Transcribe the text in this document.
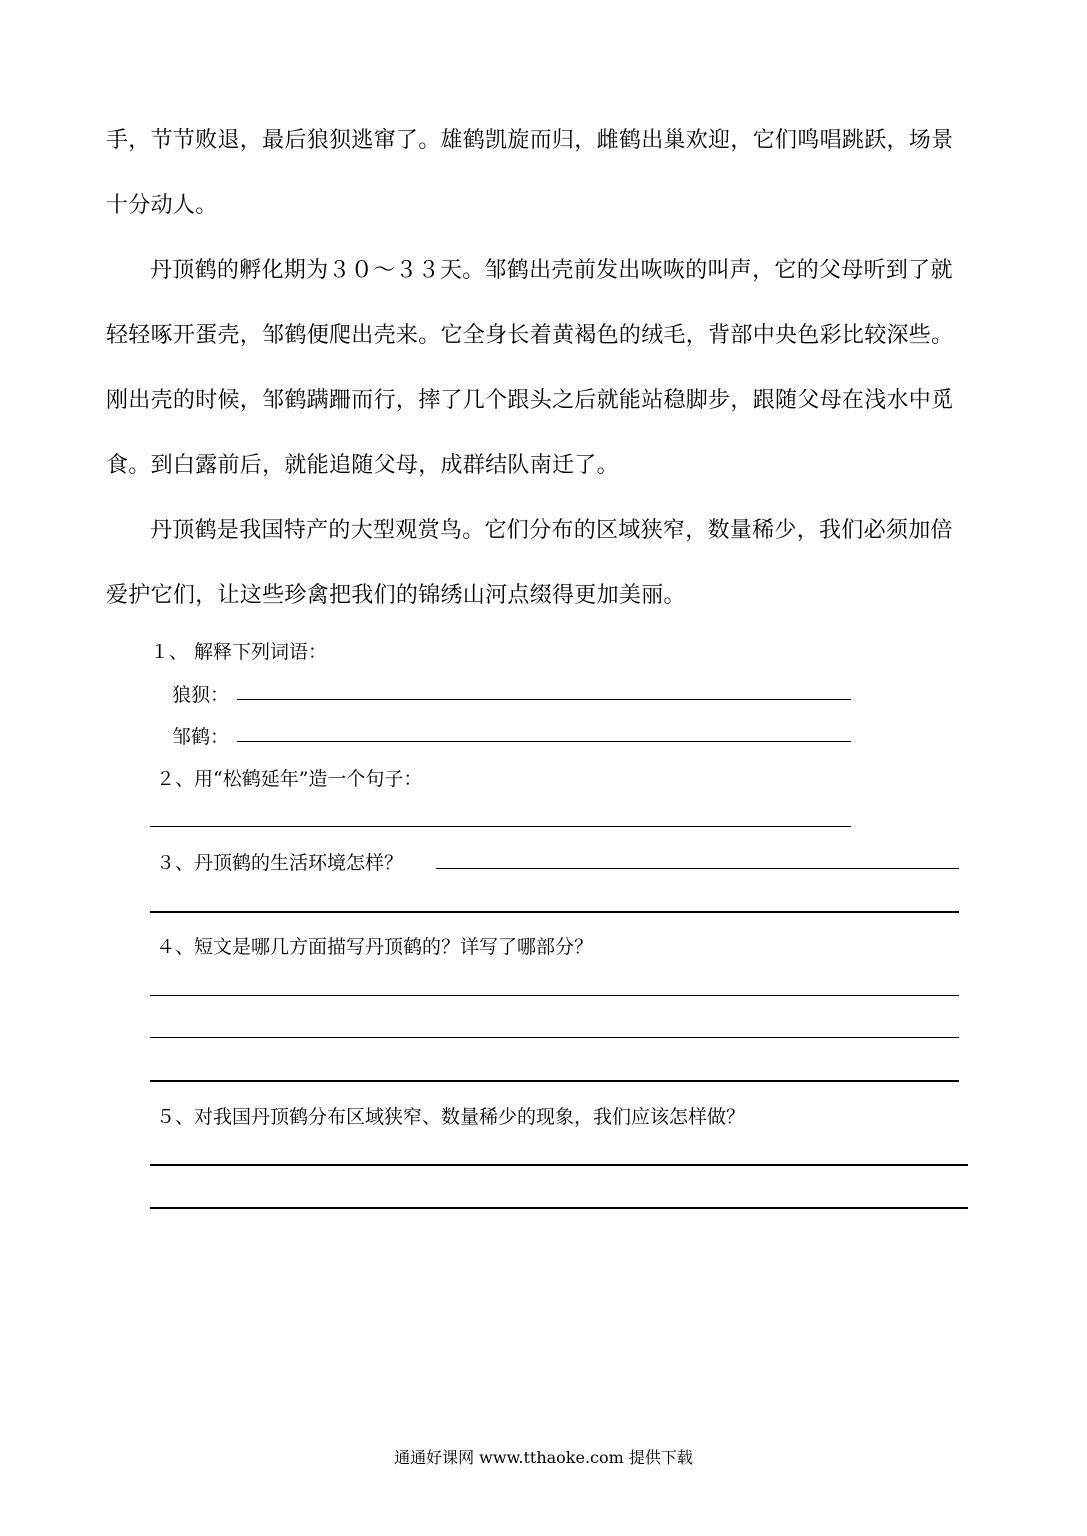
手，节节败退，最后狼狈逃窜了。雄鹤凯旋而归，雌鹤出巢欢迎，它们鸣唱跳跃，场景十分动人。

丹顶鹤的孵化期为３０～３３天。邹鹤出壳前发出咴咴的叫声，它的父母听到了就轻轻啄开蛋壳，邹鹤便爬出壳来。它全身长着黄褐色的绒毛，背部中央色彩比较深些。刚出壳的时候，邹鹤蹒跚而行，摔了几个跟头之后就能站稳脚步，跟随父母在浅水中觅食。到白露前后，就能追随父母，成群结队南迁了。

丹顶鹤是我国特产的大型观赏鸟。它们分布的区域狭窄，数量稀少，我们必须加倍爱护它们，让这些珍禽把我们的锦绣山河点缀得更加美丽。

１、 解释下列词语：
狼狈：
邹鹤：
２、用“松鹤延年”造一个句子：
３、丹顶鹤的生活环境怎样？
４、短文是哪几方面描写丹顶鹤的？详写了哪部分？
５、对我国丹顶鹤分布区域狭窄、数量稀少的现象，我们应该怎样做？
通通好课网 www.tthaoke.com 提供下载
